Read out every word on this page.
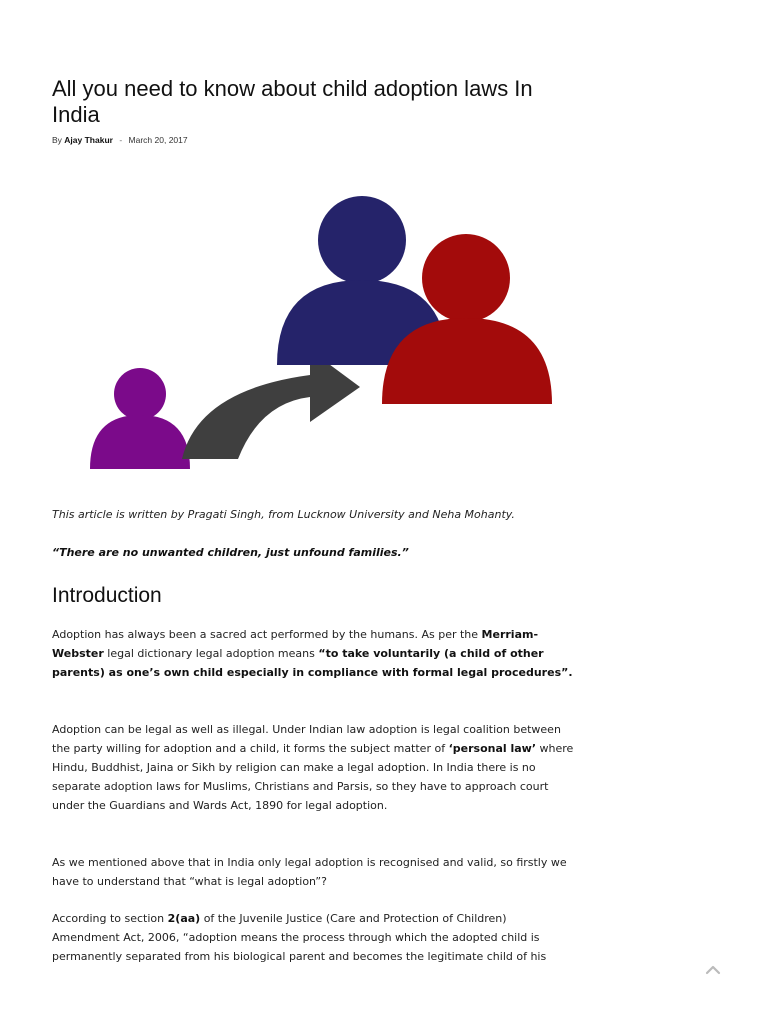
All you need to know about child adoption laws In India
By Ajay Thakur - March 20, 2017

This article is written by Pragati Singh, from Lucknow University and Neha Mohanty.

“There are no unwanted children, just unfound families.”

Introduction

Adoption has always been a sacred act performed by the humans. As per the Merriam-Webster legal dictionary legal adoption means “to take voluntarily (a child of other parents) as one’s own child especially in compliance with formal legal procedures”.

Adoption can be legal as well as illegal. Under Indian law adoption is legal coalition between the party willing for adoption and a child, it forms the subject matter of ‘personal law’ where Hindu, Buddhist, Jaina or Sikh by religion can make a legal adoption. In India there is no separate adoption laws for Muslims, Christians and Parsis, so they have to approach court under the Guardians and Wards Act, 1890 for legal adoption.

As we mentioned above that in India only legal adoption is recognised and valid, so firstly we have to understand that “what is legal adoption”?

According to section 2(aa) of the Juvenile Justice (Care and Protection of Children) Amendment Act, 2006, “adoption means the process through which the adopted child is permanently separated from his biological parent and becomes the legitimate child of his
